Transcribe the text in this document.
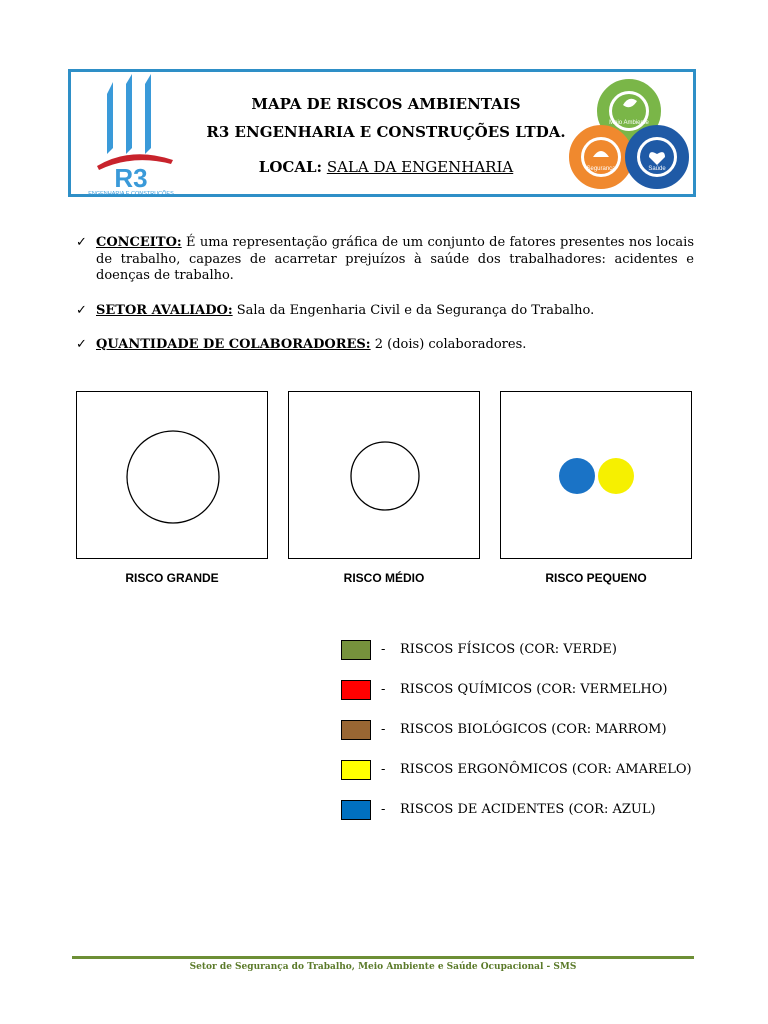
R3
ENGENHARIA E CONSTRUÇÕES
MAPA DE RISCOS AMBIENTAIS
R3 ENGENHARIA E CONSTRUÇÕES LTDA.
LOCAL: SALA DA ENGENHARIA
Meio Ambiente
Segurança	Saúde
✓ CONCEITO: É uma representação gráfica de um conjunto de fatores presentes nos locais de trabalho, capazes de acarretar prejuízos à saúde dos trabalhadores: acidentes e doenças de trabalho.
✓ SETOR AVALIADO: Sala da Engenharia Civil e da Segurança do Trabalho.
✓ QUANTIDADE DE COLABORADORES: 2 (dois) colaboradores.
RISCO GRANDE	RISCO MÉDIO	RISCO PEQUENO
- RISCOS FÍSICOS (COR: VERDE)
- RISCOS QUÍMICOS (COR: VERMELHO)
- RISCOS BIOLÓGICOS (COR: MARROM)
- RISCOS ERGONÔMICOS (COR: AMARELO)
- RISCOS DE ACIDENTES (COR: AZUL)
Setor de Segurança do Trabalho, Meio Ambiente e Saúde Ocupacional - SMS
